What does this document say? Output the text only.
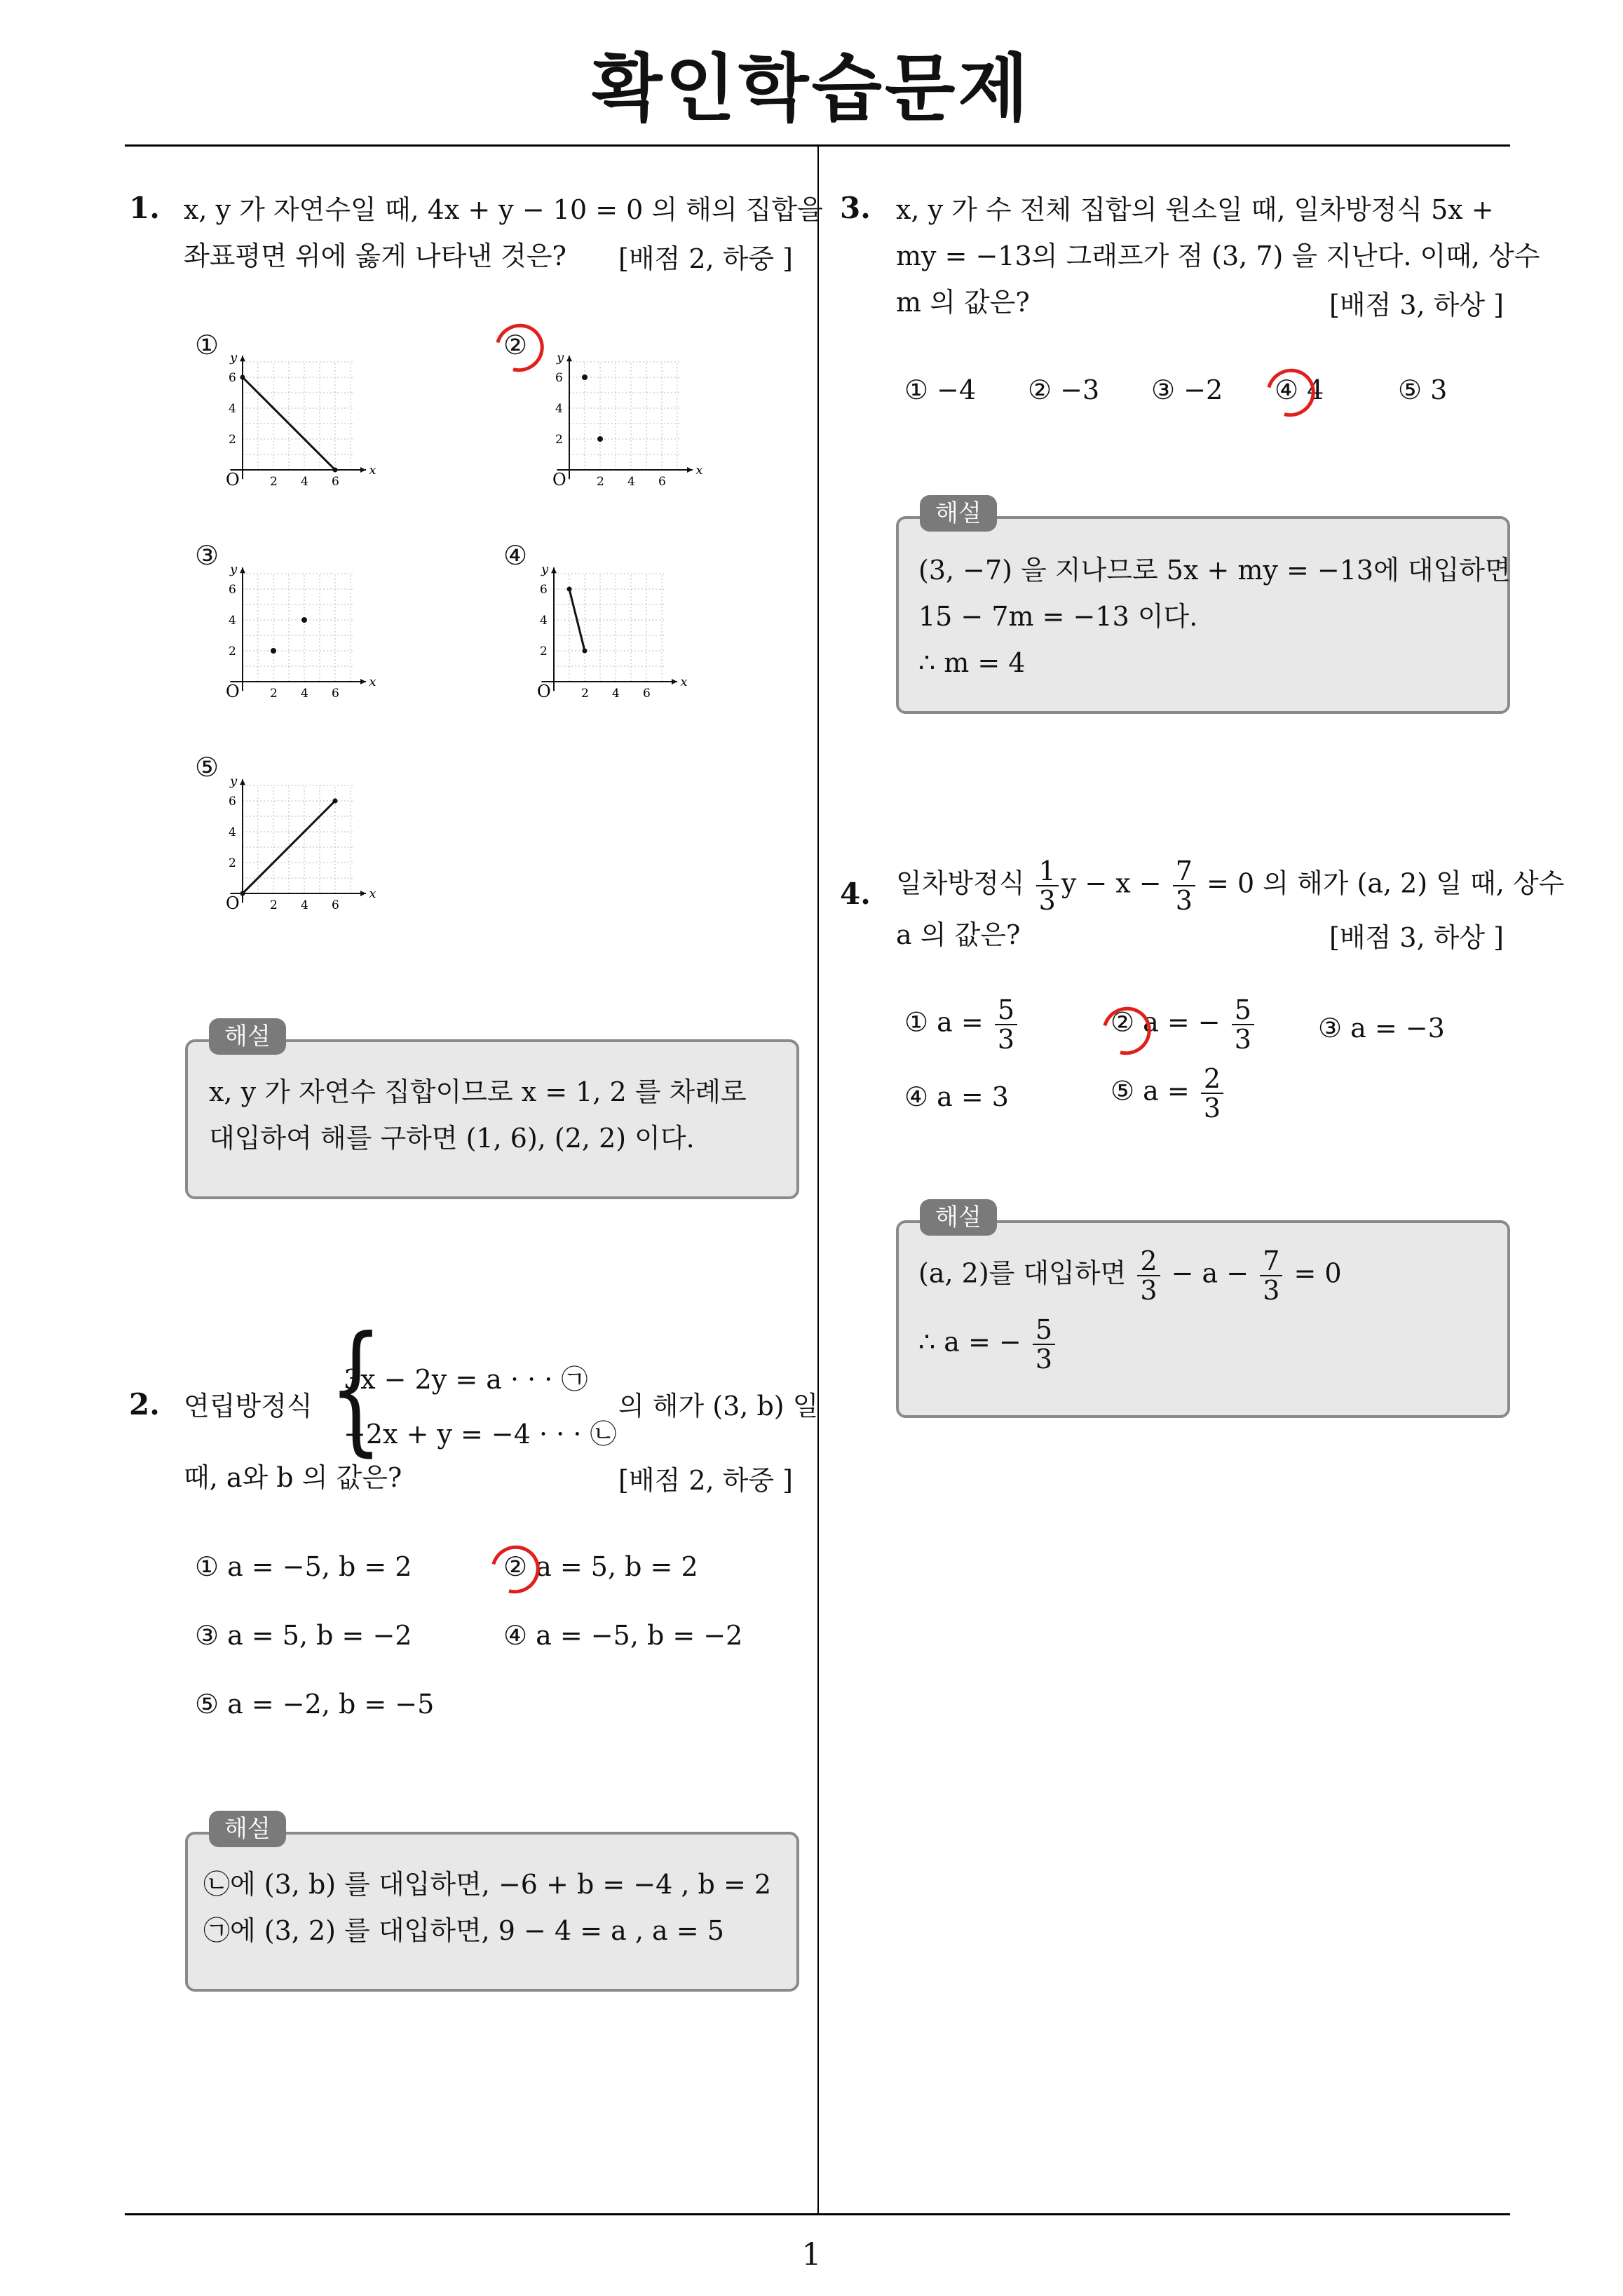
확인학습문제
1
1. x, y 가 자연수일 때, 4x + y − 10 = 0 의 해의 집합을
좌표평면 위에 옳게 나타낸 것은? [배점 2, 하중 ]
①	②
③	④
⑤
x
y
O	2
2
4
4
6
6
x
y
O	2
2
4
4
6
6
x
y
O	2
2
4
4
6
6
x
y
O	2
2
4
4
6
6
x
y
O	2
2
4
4
6
6
해설
x, y 가 자연수 집합이므로 x = 1, 2 를 차례로
대입하여 해를 구하면 (1, 6), (2, 2) 이다.
2. 연립방정식 {
3x − 2y = a · · · ㉠
−2x + y = −4 · · · ㉡
의 해가 (3, b) 일
때, a와 b 의 값은?	[배점 2, 하중 ]
① a = −5, b = 2	② a = 5, b = 2
③ a = 5, b = −2	④ a = −5, b = −2
⑤ a = −2, b = −5
해설
㉡에 (3, b) 를 대입하면, −6 + b = −4 , b = 2
㉠에 (3, 2) 를 대입하면, 9 − 4 = a , a = 5
3. x, y 가 수 전체 집합의 원소일 때, 일차방정식 5x +
my = −13의 그래프가 점 (3, 7) 을 지난다. 이때, 상수
m 의 값은?	[배점 3, 하상 ]
① −4 ② −3 ③ −2 ④ 4	⑤ 3
해설
(3, −7) 을 지나므로 5x + my = −13에 대입하면
15 − 7m = −13 이다.
∴ m = 4
4. 일차방정식 $\frac{1}{3}$ $y - x - \frac{7}{3} = 0$ 의 해가 (a, 2) 일 때, 상수
a 의 값은?	[배점 3, 하상 ]
① $a = \frac{5}{3}$	② a = − $\frac{5}{3}$ ③ a = −3
④ a = 3	⑤ $a = \frac{2}{3}$
해설
(a, 2)를 대입하면 $\frac{2}{3} - a - \frac{7}{3} = 0$
∴ a = − $\frac{5}{3}$
